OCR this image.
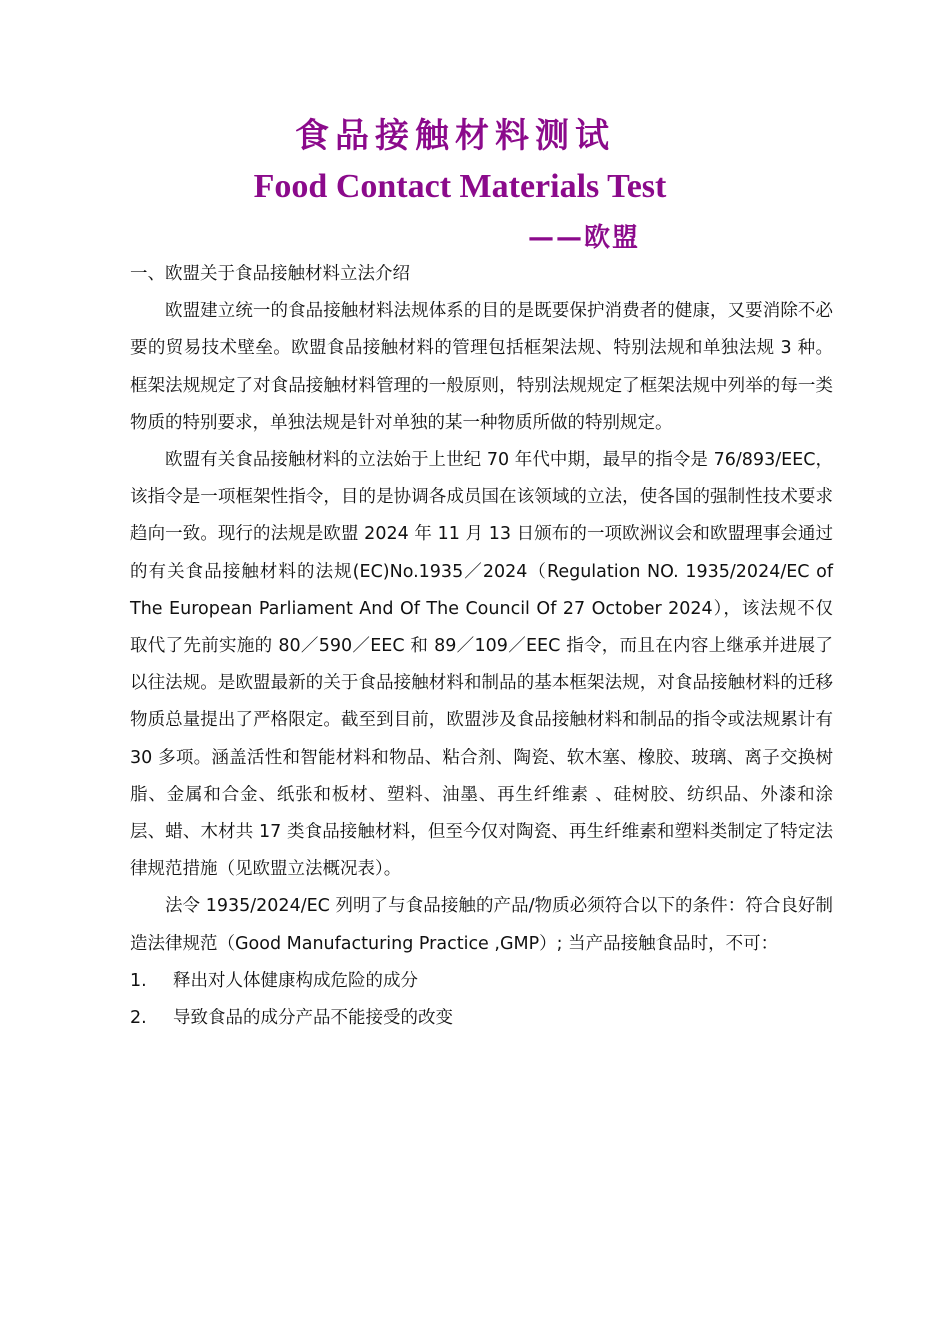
食品接触材料测试
Food Contact Materials Test
——欧盟

一、欧盟关于食品接触材料立法介绍

欧盟建立统一的食品接触材料法规体系的目的是既要保护消费者的健康，又要消除不必要的贸易技术壁垒。欧盟食品接触材料的管理包括框架法规、特别法规和单独法规 3 种。框架法规规定了对食品接触材料管理的一般原则，特别法规规定了框架法规中列举的每一类物质的特别要求，单独法规是针对单独的某一种物质所做的特别规定。

欧盟有关食品接触材料的立法始于上世纪 70 年代中期，最早的指令是 76/893/EEC，该指令是一项框架性指令，目的是协调各成员国在该领域的立法，使各国的强制性技术要求趋向一致。现行的法规是欧盟 2024 年 11 月 13 日颁布的一项欧洲议会和欧盟理事会通过的有关食品接触材料的法规(EC)No.1935／2024（Regulation NO. 1935/2024/EC of The European Parliament And Of The Council Of 27 October 2024），该法规不仅取代了先前实施的 80／590／EEC 和 89／109／EEC 指令，而且在内容上继承并进展了以往法规。是欧盟最新的关于食品接触材料和制品的基本框架法规，对食品接触材料的迁移物质总量提出了严格限定。截至到目前，欧盟涉及食品接触材料和制品的指令或法规累计有 30 多项。涵盖活性和智能材料和物品、粘合剂、陶瓷、软木塞、橡胶、玻璃、离子交换树脂、金属和合金、纸张和板材、塑料、油墨、再生纤维素 、硅树胶、纺织品、外漆和涂层、蜡、木材共 17 类食品接触材料，但至今仅对陶瓷、再生纤维素和塑料类制定了特定法律规范措施（见欧盟立法概况表）。

法令 1935/2024/EC 列明了与食品接触的产品/物质必须符合以下的条件：符合良好制造法律规范（Good Manufacturing Practice ,GMP）; 当产品接触食品时，不可：

1.	释出对人体健康构成危险的成分
2.	导致食品的成分产品不能接受的改变
